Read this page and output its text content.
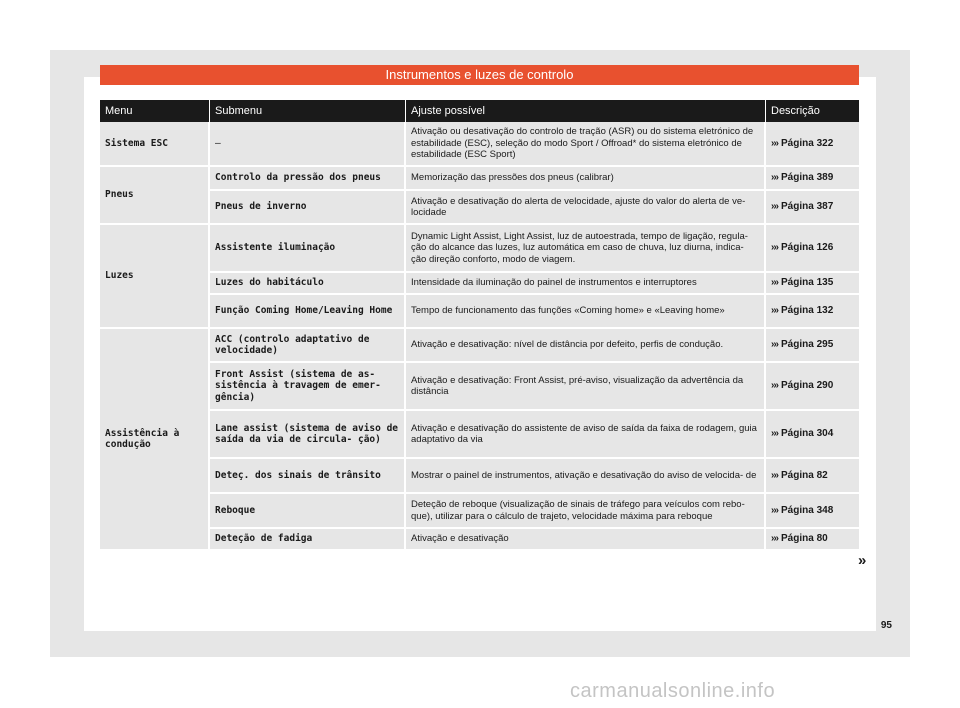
Instrumentos e luzes de controlo
Menu	Submenu	Ajuste possível	Descrição
Sistema ESC	–	Ativação ou desativação do controlo de tração (ASR) ou do sistema eletrónico de estabilidade (ESC), seleção do modo Sport / Offroad* do sistema eletrónico de estabilidade (ESC Sport)	››› Página 322
Pneus	Controlo da pressão dos pneus	Memorização das pressões dos pneus (calibrar)	››› Página 389
	Pneus de inverno	Ativação e desativação do alerta de velocidade, ajuste do valor do alerta de ve- locidade	››› Página 387
Luzes	Assistente iluminação	Dynamic Light Assist, Light Assist, luz de autoestrada, tempo de ligação, regula- ção do alcance das luzes, luz automática em caso de chuva, luz diurna, indica- ção direção conforto, modo de viagem.	››› Página 126
	Luzes do habitáculo	Intensidade da iluminação do painel de instrumentos e interruptores	››› Página 135
	Função Coming Home/Leaving Home	Tempo de funcionamento das funções «Coming home» e «Leaving home»	››› Página 132
Assistência à condução	ACC (controlo adaptativo de velocidade)	Ativação e desativação: nível de distância por defeito, perfis de condução.	››› Página 295
	Front Assist (sistema de as- sistência à travagem de emer- gência)	Ativação e desativação: Front Assist, pré-aviso, visualização da advertência da distância	››› Página 290
	Lane assist (sistema de aviso de saída da via de circula- ção)	Ativação e desativação do assistente de aviso de saída da faixa de rodagem, guia adaptativo da via	››› Página 304
	Deteç. dos sinais de trânsito	Mostrar o painel de instrumentos, ativação e desativação do aviso de velocida- de	››› Página 82
	Reboque	Deteção de reboque (visualização de sinais de tráfego para veículos com rebo- que), utilizar para o cálculo de trajeto, velocidade máxima para reboque	››› Página 348
	Deteção de fadiga	Ativação e desativação	››› Página 80
»
95
carmanualsonline.info
